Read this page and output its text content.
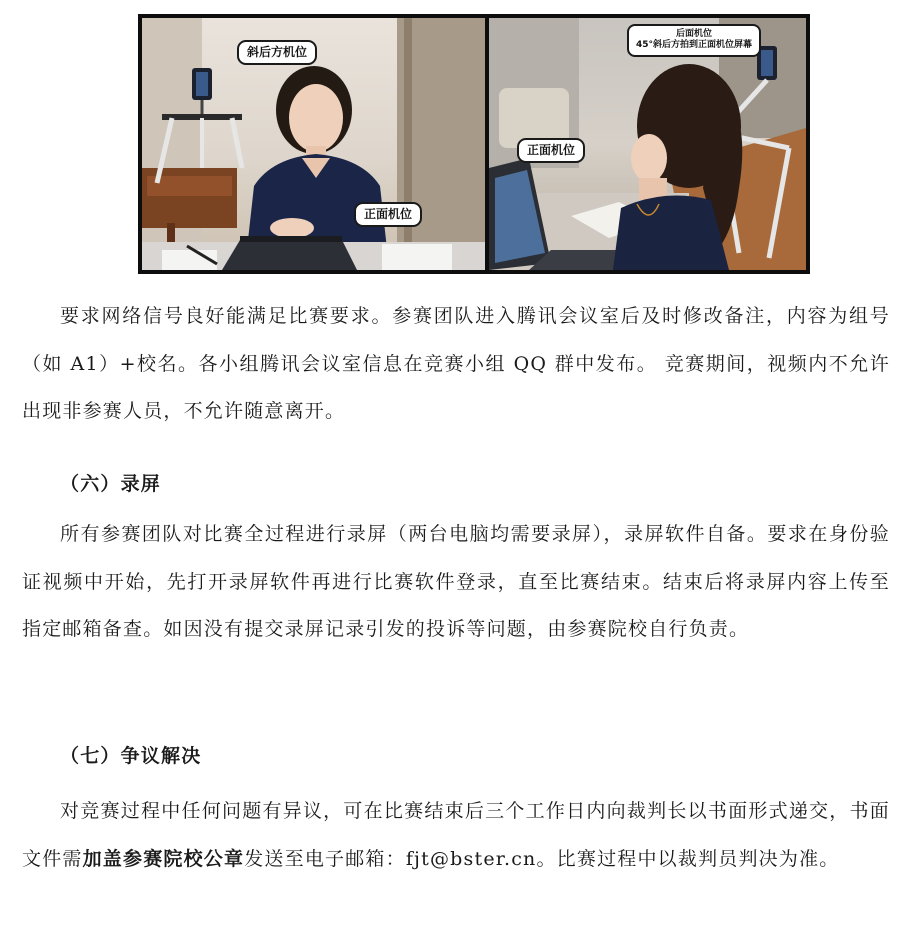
斜后方机位
正面机位
后面机位
45°斜后方拍到正面机位屏幕
正面机位

要求网络信号良好能满足比赛要求。参赛团队进入腾讯会议室后及时修改备注，内容为组号（如 A1）+校名。各小组腾讯会议室信息在竞赛小组 QQ 群中发布。 竞赛期间，视频内不允许出现非参赛人员，不允许随意离开。

（六）录屏

所有参赛团队对比赛全过程进行录屏（两台电脑均需要录屏），录屏软件自备。要求在身份验证视频中开始，先打开录屏软件再进行比赛软件登录，直至比赛结束。结束后将录屏内容上传至指定邮箱备查。如因没有提交录屏记录引发的投诉等问题，由参赛院校自行负责。

（七）争议解决

对竞赛过程中任何问题有异议，可在比赛结束后三个工作日内向裁判长以书面形式递交，书面文件需加盖参赛院校公章发送至电子邮箱：fjt@bster.cn。比赛过程中以裁判员判决为准。
